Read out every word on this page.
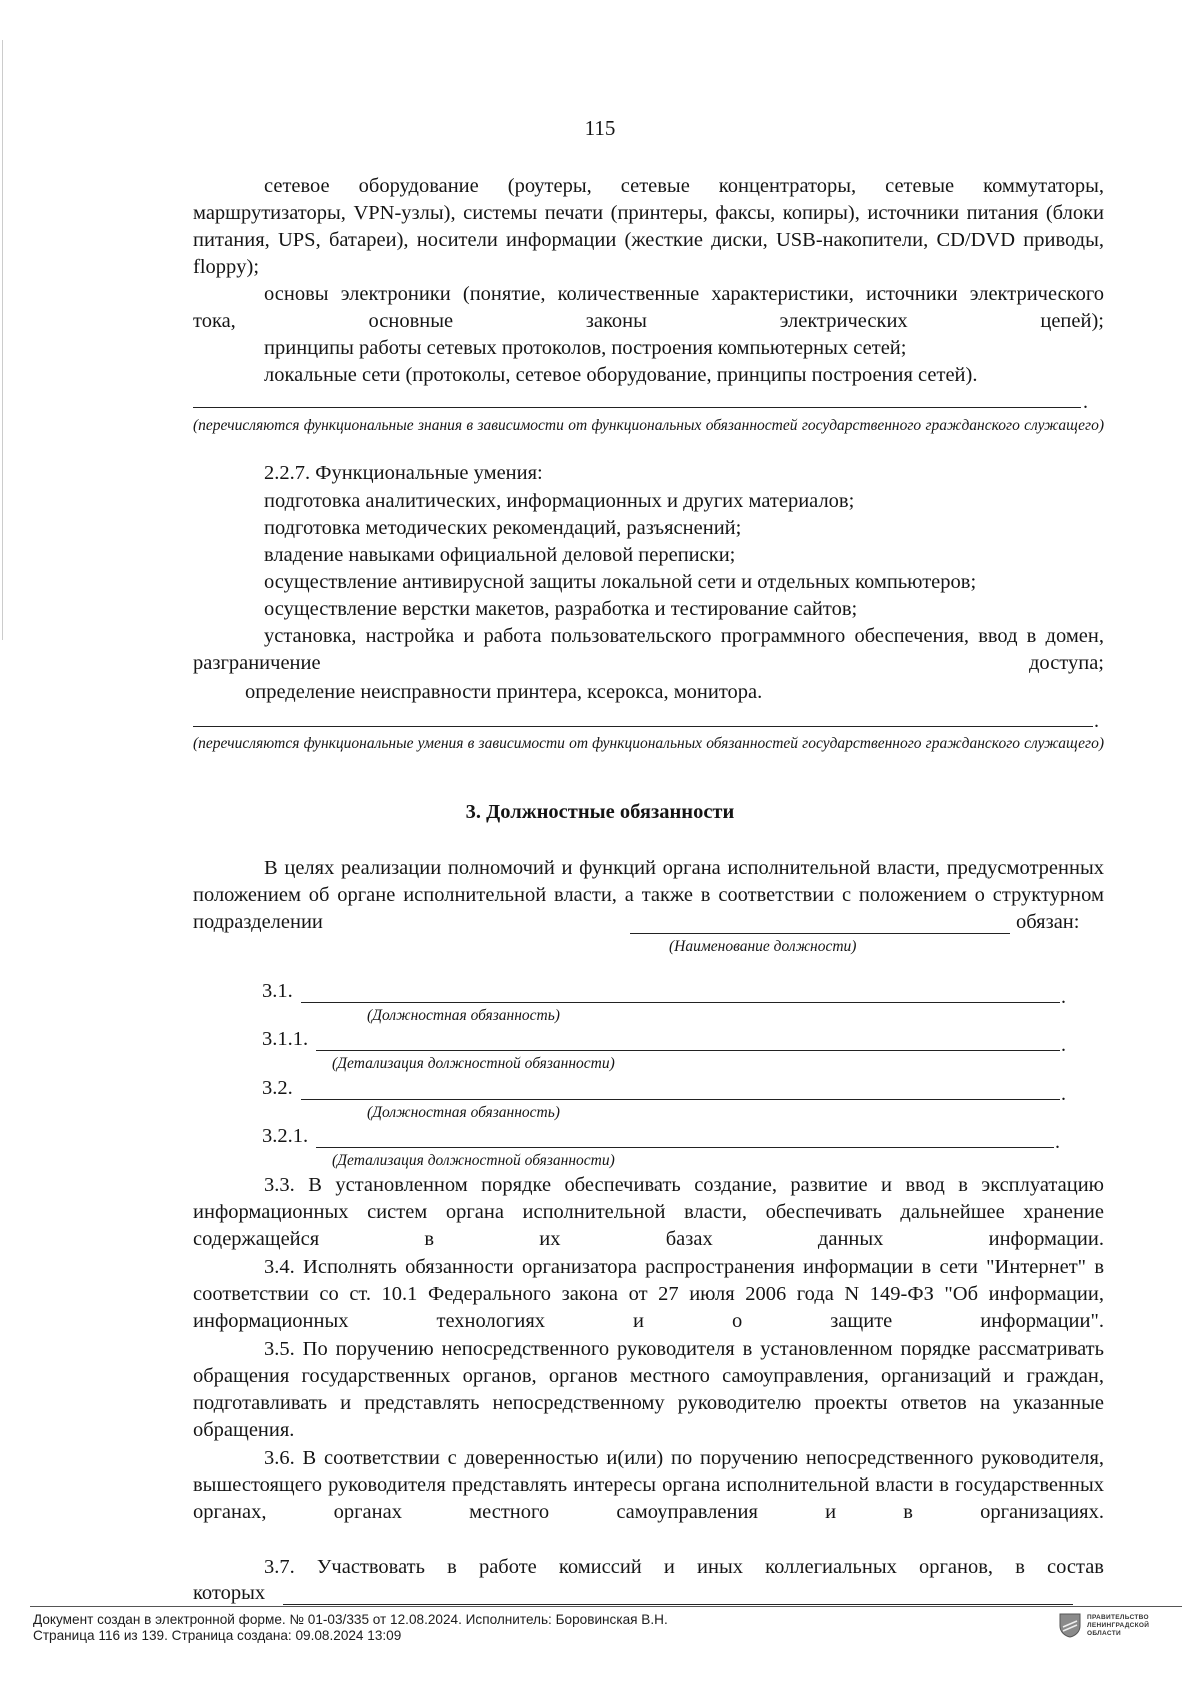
115
сетевое оборудование (роутеры, сетевые концентраторы, сетевые коммутаторы, маршрутизаторы, VPN-узлы), системы печати (принтеры, факсы, копиры), источники питания (блоки питания, UPS, батареи), носители информации (жесткие диски, USB-накопители, CD/DVD приводы, floppy);
основы электроники (понятие, количественные характеристики, источники электрического тока, основные законы электрических цепей);
принципы работы сетевых протоколов, построения компьютерных сетей;
локальные сети (протоколы, сетевое оборудование, принципы построения сетей).
.
(перечисляются функциональные знания в зависимости от функциональных обязанностей государственного гражданского служащего)
2.2.7. Функциональные умения:
подготовка аналитических, информационных и других материалов;
подготовка методических рекомендаций, разъяснений;
владение навыками официальной деловой переписки;
осуществление антивирусной защиты локальной сети и отдельных компьютеров;
осуществление верстки макетов, разработка и тестирование сайтов;
установка, настройка и работа пользовательского программного обеспечения, ввод в домен, разграничение доступа;
определение неисправности принтера, ксерокса, монитора.
.
(перечисляются функциональные умения в зависимости от функциональных обязанностей государственного гражданского служащего)
3. Должностные обязанности
В целях реализации полномочий и функций органа исполнительной власти, предусмотренных положением об органе исполнительной власти, а также в соответствии с положением о структурном подразделении	обязан:
(Наименование должности)
3.1.	.
(Должностная обязанность)
3.1.1.	.
(Детализация должностной обязанности)
3.2.	.
(Должностная обязанность)
3.2.1.	.
(Детализация должностной обязанности)
3.3. В установленном порядке обеспечивать создание, развитие и ввод в эксплуатацию информационных систем органа исполнительной власти, обеспечивать дальнейшее хранение содержащейся в их базах данных информации.
3.4. Исполнять обязанности организатора распространения информации в сети "Интернет" в соответствии со ст. 10.1 Федерального закона от 27 июля 2006 года N 149-ФЗ "Об информации, информационных технологиях и о защите информации".
3.5. По поручению непосредственного руководителя в установленном порядке рассматривать обращения государственных органов, органов местного самоуправления, организаций и граждан, подготавливать и представлять непосредственному руководителю проекты ответов на указанные обращения.
3.6. В соответствии с доверенностью и(или) по поручению непосредственного руководителя, вышестоящего руководителя представлять интересы органа исполнительной власти в государственных органах, органах местного самоуправления и в организациях.
3.7. Участвовать в работе комиссий и иных коллегиальных органов, в состав
которых
Документ создан в электронной форме. № 01-03/335 от 12.08.2024. Исполнитель: Боровинская В.Н.
Страница 116 из 139. Страница создана: 09.08.2024 13:09
ПРАВИТЕЛЬСТВО
ЛЕНИНГРАДСКОЙ
ОБЛАСТИ
